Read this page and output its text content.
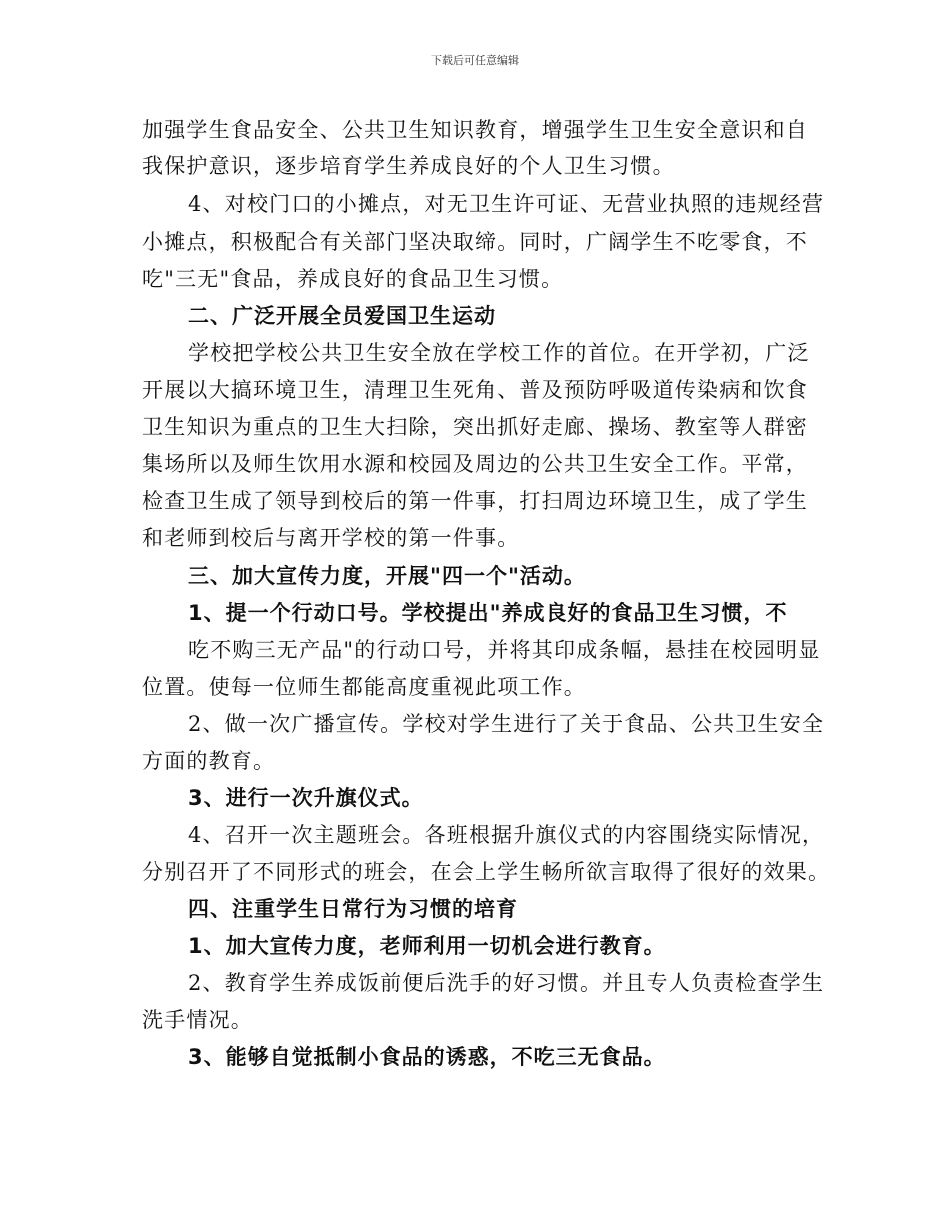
下载后可任意编辑
加强学生食品安全、公共卫生知识教育，增强学生卫生安全意识和自
我保护意识，逐步培育学生养成良好的个人卫生习惯。
4、对校门口的小摊点，对无卫生许可证、无营业执照的违规经营
小摊点，积极配合有关部门坚决取缔。同时，广阔学生不吃零食，不
吃"三无"食品，养成良好的食品卫生习惯。
二、广泛开展全员爱国卫生运动
学校把学校公共卫生安全放在学校工作的首位。在开学初，广泛
开展以大搞环境卫生，清理卫生死角、普及预防呼吸道传染病和饮食
卫生知识为重点的卫生大扫除，突出抓好走廊、操场、教室等人群密
集场所以及师生饮用水源和校园及周边的公共卫生安全工作。平常，
检查卫生成了领导到校后的第一件事，打扫周边环境卫生，成了学生
和老师到校后与离开学校的第一件事。
三、加大宣传力度，开展"四一个"活动。
1、提一个行动口号。学校提出"养成良好的食品卫生习惯，不
吃不购三无产品"的行动口号，并将其印成条幅，悬挂在校园明显
位置。使每一位师生都能高度重视此项工作。
2、做一次广播宣传。学校对学生进行了关于食品、公共卫生安全
方面的教育。
3、进行一次升旗仪式。
4、召开一次主题班会。各班根据升旗仪式的内容围绕实际情况，
分别召开了不同形式的班会，在会上学生畅所欲言取得了很好的效果。
四、注重学生日常行为习惯的培育
1、加大宣传力度，老师利用一切机会进行教育。
2、教育学生养成饭前便后洗手的好习惯。并且专人负责检查学生
洗手情况。
3、能够自觉抵制小食品的诱惑，不吃三无食品。
